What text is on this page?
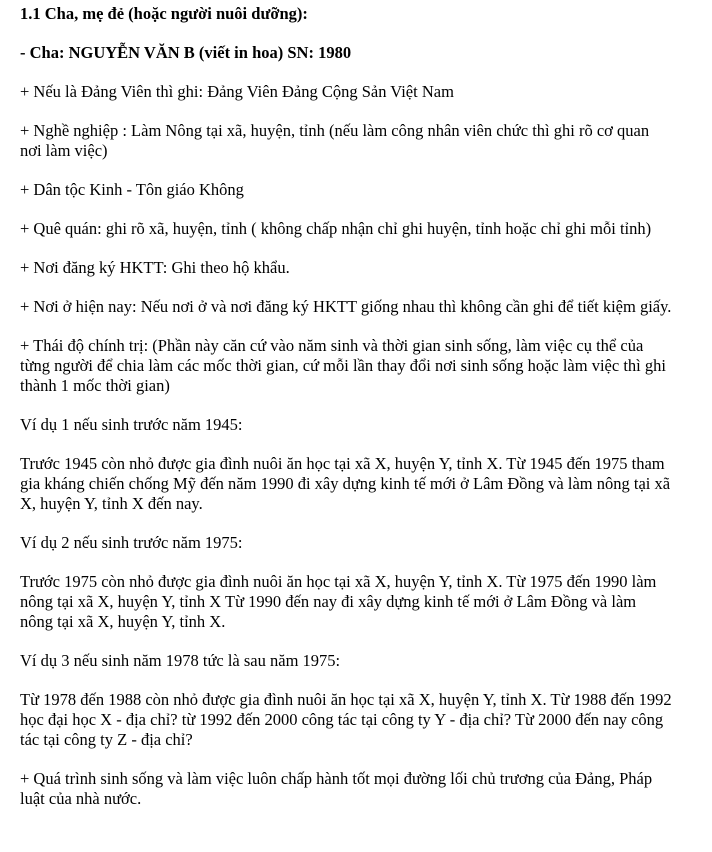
1.1 Cha, mẹ đẻ (hoặc người nuôi dưỡng):

- Cha: NGUYỄN VĂN B (viết in hoa) SN: 1980

+ Nếu là Đảng Viên thì ghi: Đảng Viên Đảng Cộng Sản Việt Nam

+ Nghề nghiệp : Làm Nông tại xã, huyện, tỉnh (nếu làm công nhân viên chức thì ghi rõ cơ quan nơi làm việc)

+ Dân tộc Kinh - Tôn giáo Không

+ Quê quán: ghi rõ xã, huyện, tỉnh ( không chấp nhận chỉ ghi huyện, tỉnh hoặc chỉ ghi mỗi tỉnh)

+ Nơi đăng ký HKTT: Ghi theo hộ khẩu.

+ Nơi ở hiện nay: Nếu nơi ở và nơi đăng ký HKTT giống nhau thì không cần ghi để tiết kiệm giấy.

+ Thái độ chính trị: (Phần này căn cứ vào năm sinh và thời gian sinh sống, làm việc cụ thể của từng người để chia làm các mốc thời gian, cứ mỗi lần thay đổi nơi sinh sống hoặc làm việc thì ghi thành 1 mốc thời gian)

Ví dụ 1 nếu sinh trước năm 1945:

Trước 1945 còn nhỏ được gia đình nuôi ăn học tại xã X, huyện Y, tỉnh X. Từ 1945 đến 1975 tham gia kháng chiến chống Mỹ đến năm 1990 đi xây dựng kinh tế mới ở Lâm Đồng và làm nông tại xã X, huyện Y, tỉnh X đến nay.

Ví dụ 2 nếu sinh trước năm 1975:

Trước 1975 còn nhỏ được gia đình nuôi ăn học tại xã X, huyện Y, tỉnh X. Từ 1975 đến 1990 làm nông tại xã X, huyện Y, tỉnh X Từ 1990 đến nay đi xây dựng kinh tế mới ở Lâm Đồng và làm nông tại xã X, huyện Y, tỉnh X.

Ví dụ 3 nếu sinh năm 1978 tức là sau năm 1975:

Từ 1978 đến 1988 còn nhỏ được gia đình nuôi ăn học tại xã X, huyện Y, tỉnh X. Từ 1988 đến 1992 học đại học X - địa chỉ? từ 1992 đến 2000 công tác tại công ty Y - địa chỉ? Từ 2000 đến nay công tác tại công ty Z - địa chỉ?

+ Quá trình sinh sống và làm việc luôn chấp hành tốt mọi đường lối chủ trương của Đảng, Pháp luật của nhà nước.
